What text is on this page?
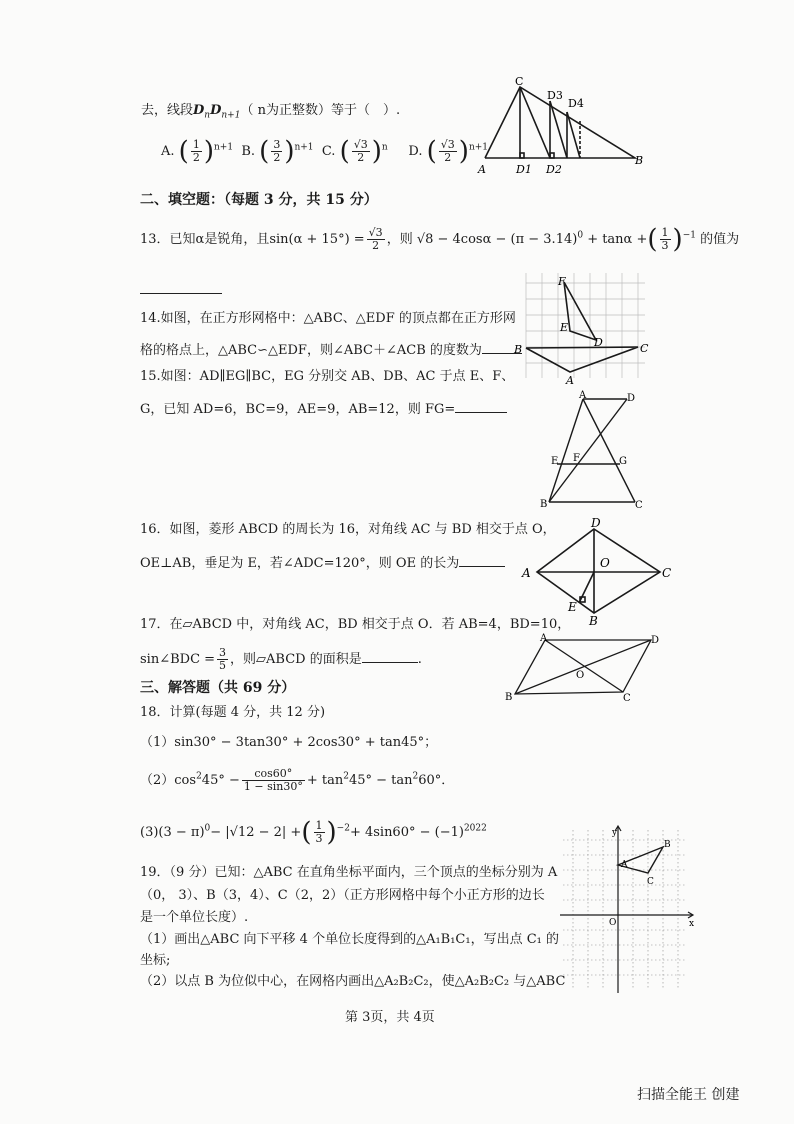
去，线段$D_nD_{n+1}$（ n为正整数）等于（　）.
A. ( $\frac{1}{2} )^{n+1}$ B. ( $\frac{3}{2} )^{n+1}$ C. ( $\frac{√3}{2} )^n$ D. ( $\frac{√3}{2} )^{n+1}$
C
D3
D4
A	D1 D2
B
二、填空题：（每题 3 分，共 15 分）
13．已知α是锐角，且$\sin(\alpha + 15^\circ) = \frac{√3}{2}$ ，则 $√8 - 4\cos\alpha - (\pi - 3.14)^0 + \tan\alpha$ +( $\frac{1}{3} )^{-1}$ 的值为
14.如图，在正方形网格中：△ABC、△EDF 的顶点都在正方形网
格的格点上，△ABC∽△EDF，则∠ABC＋∠ACB 的度数为
F
E
D
B	C
A
15.如图：AD∥EG∥BC，EG 分别交 AB、DB、AC 于点 E、F、
G，已知 AD=6，BC=9，AE=9，AB=12，则 FG=
A	D
E F	G
B	C
16．如图，菱形 ABCD 的周长为 16，对角线 AC 与 BD 相交于点 O，
OE⊥AB，垂足为 E，若∠ADC=120°，则 OE 的长为
D
A
O
C
E
B
17．在▱ABCD 中，对角线 AC，BD 相交于点 O．若 AB=4，BD=10，
sin∠BDC = $\frac{3}{5}$ ，则▱ABCD 的面积是	.
A	D
O
B	C
三、解答题（共 69 分）
18．计算(每题 4 分，共 12 分)
（1）sin30° − 3tan30° + 2cos30° + tan45°；
$(2)\cos^245^\circ - \frac{\cos 60^\circ}{1 - \sin 30^\circ} + \tan^245^\circ - \tan^260^\circ$．
$(3)(3 - \pi)^0- |√12 - 2|$ +( $\frac{1}{3} )^{-2}+ 4\sin 60^\circ - (-1)^{2022}$
19．（9 分）已知：△ABC 在直角坐标平面内，三个顶点的坐标分别为 A
（0， 3）、B（3，4）、C（2，2）（正方形网格中每个小正方形的边长
是一个单位长度）.
（1）画出△ABC 向下平移 4 个单位长度得到的△A₁B₁C₁，写出点 C₁ 的
坐标;
（2）以点 B 为位似中心，在网格内画出△A₂B₂C₂，使△A₂B₂C₂ 与△ABC
y
A
B
C
O	x
第 3页，共 4页
扫描全能王 创建
